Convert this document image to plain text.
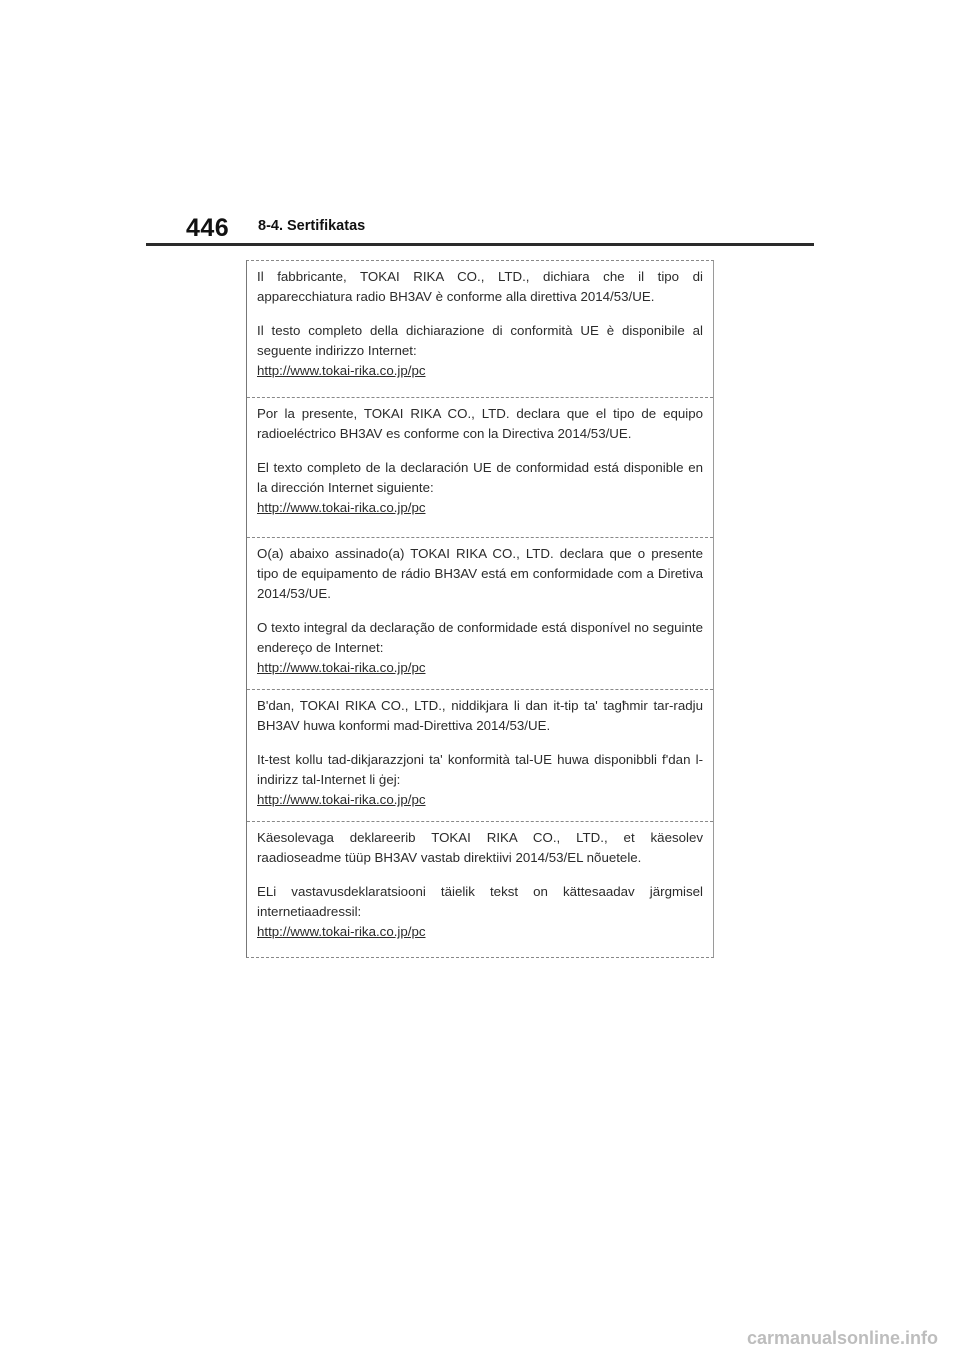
446 8-4. Sertifikatas

Il fabbricante, TOKAI RIKA CO., LTD., dichiara che il tipo di apparecchiatura radio BH3AV è conforme alla direttiva 2014/53/UE.

Il testo completo della dichiarazione di conformità UE è disponibile al seguente indirizzo Internet:

http://www.tokai-rika.co.jp/pc

Por la presente, TOKAI RIKA CO., LTD. declara que el tipo de equipo radioeléctrico BH3AV es conforme con la Directiva 2014/53/UE.

El texto completo de la declaración UE de conformidad está disponible en la dirección Internet siguiente:

http://www.tokai-rika.co.jp/pc

O(a) abaixo assinado(a) TOKAI RIKA CO., LTD. declara que o presente tipo de equipamento de rádio BH3AV está em conformidade com a Diretiva 2014/53/UE.

O texto integral da declaração de conformidade está disponível no seguinte endereço de Internet:

http://www.tokai-rika.co.jp/pc

B'dan, TOKAI RIKA CO., LTD., niddikjara li dan it-tip ta' tagħmir tar-radju BH3AV huwa konformi mad-Direttiva 2014/53/UE.

It-test kollu tad-dikjarazzjoni ta' konformità tal-UE huwa disponibbli f'dan l-indirizz tal-Internet li ġej:

http://www.tokai-rika.co.jp/pc

Käesolevaga deklareerib TOKAI RIKA CO., LTD., et käesolev raadioseadme tüüp BH3AV vastab direktiivi 2014/53/EL nõuetele.

ELi vastavusdeklaratsiooni täielik tekst on kättesaadav järgmisel internetiaadressil:

http://www.tokai-rika.co.jp/pc
carmanualsonline.info
